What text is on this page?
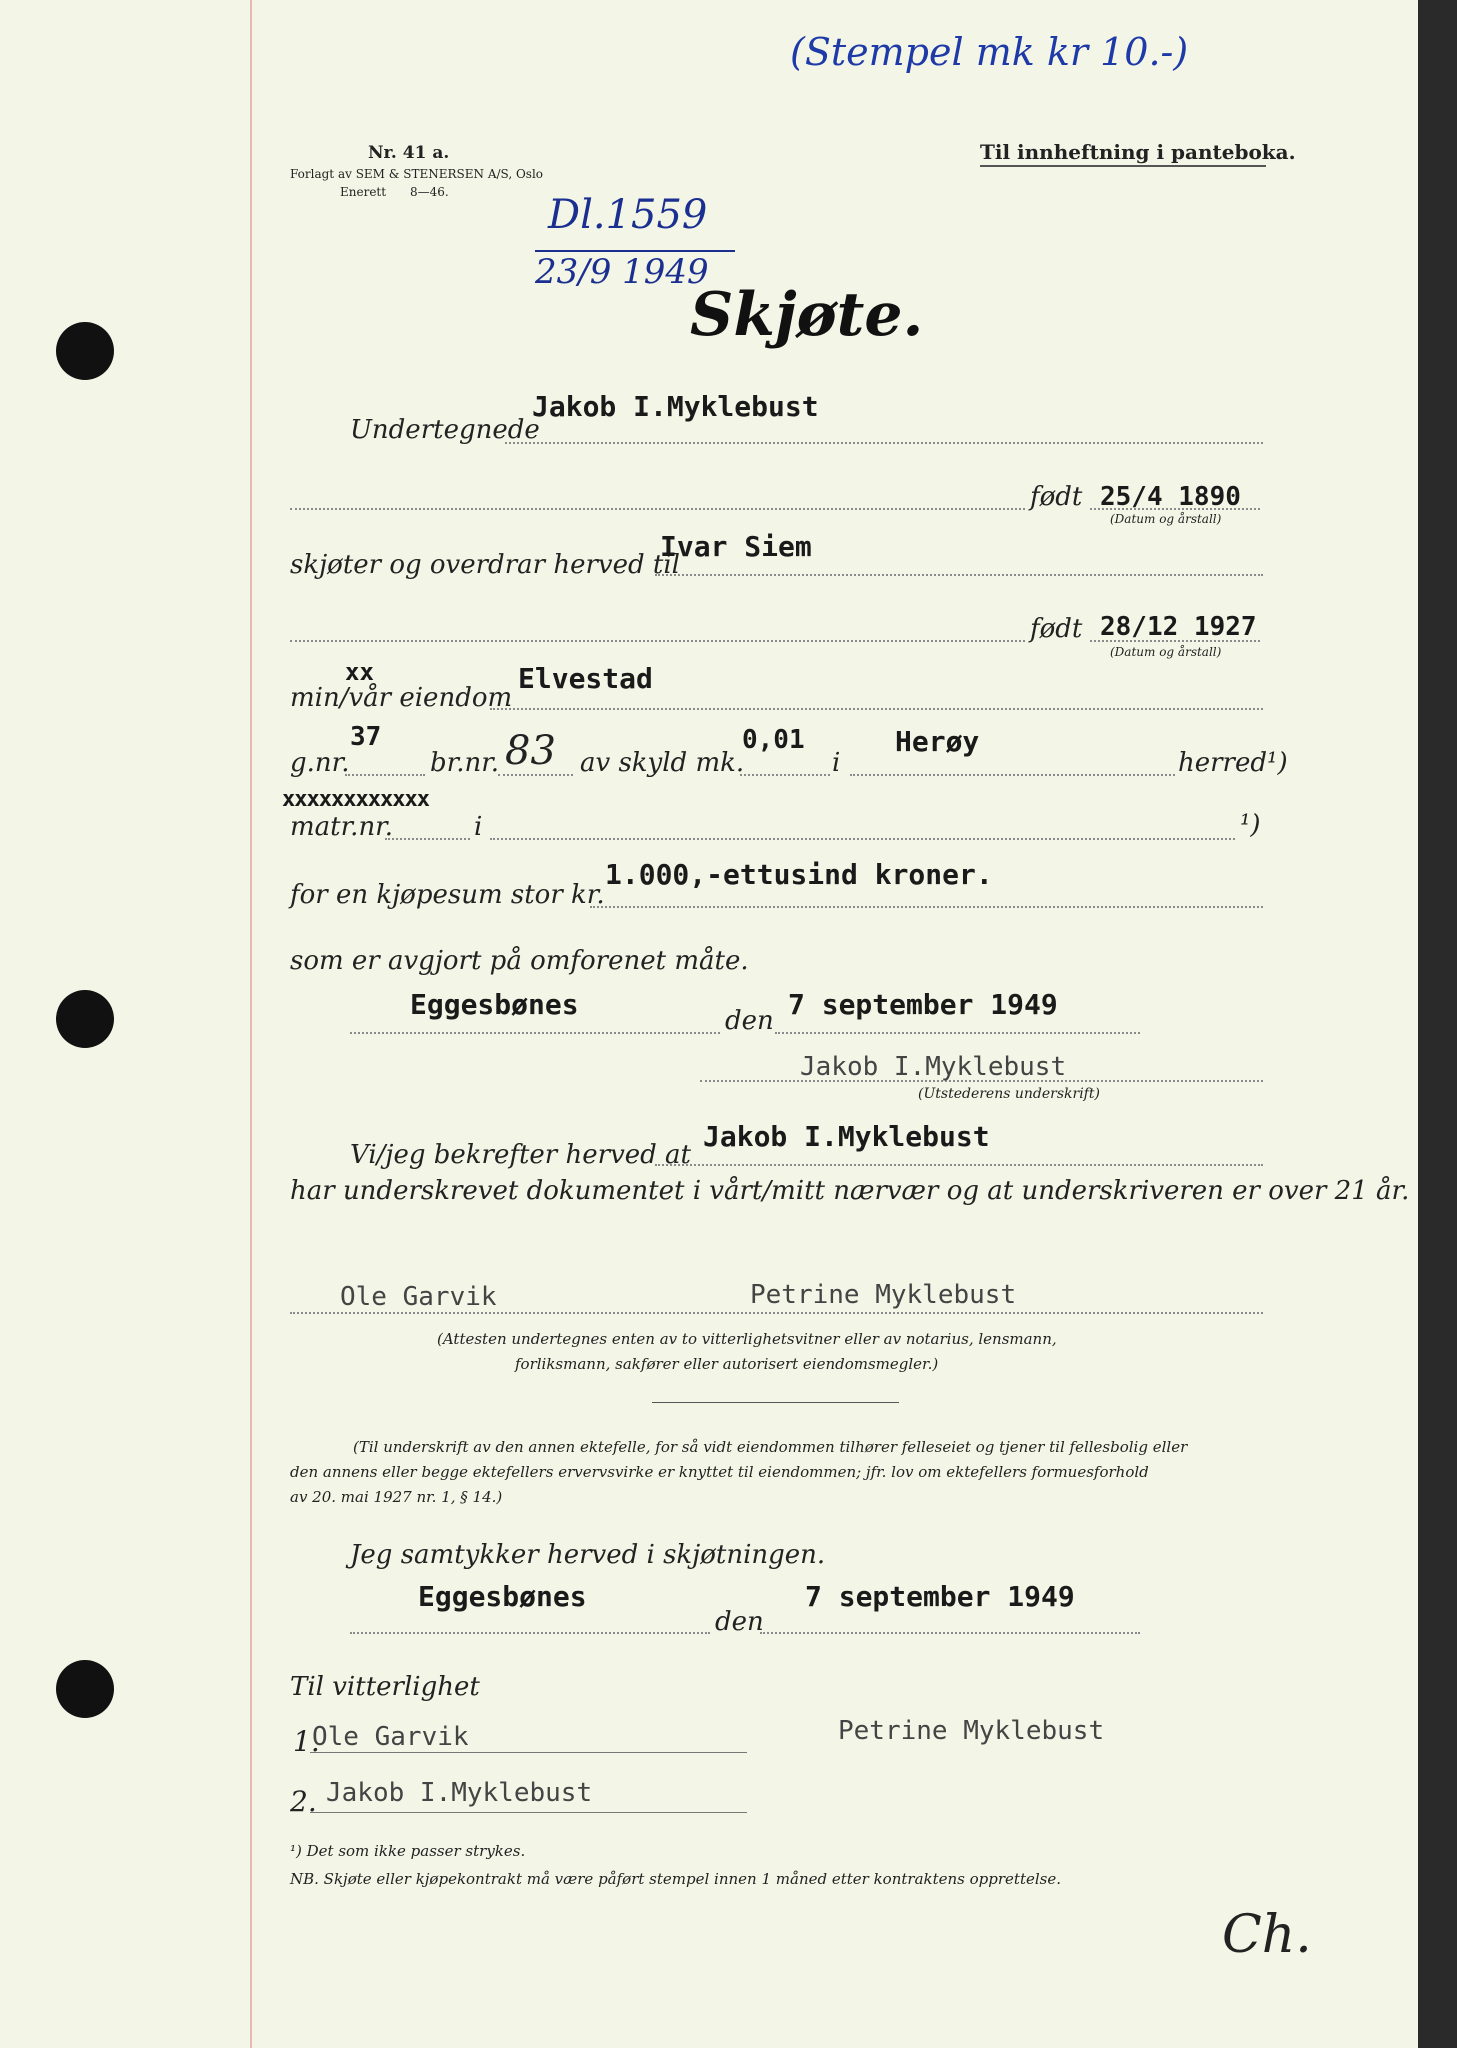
(Stempel mk kr 10.-)
Nr. 41 a.
Forlagt av SEM & STENERSEN A/S, Oslo
Enerett 8—46.
Til innheftning i panteboka.
Dl.1559
23/9 1949
Skjøte.
Undertegnede
Jakob I.Myklebust
født 25/4 1890
(Datum og årstall)
skjøter og overdrar herved til
Ivar Siem
født 28/12 1927
(Datum og årstall)
xx
min/vår eiendom
Elvestad
g.nr.
37
br.nr. 83 av skyld mk.
0,01
i
Herøy
herred¹)
xxxxxxxxxxxx
matr.nr.	i	¹)
for en kjøpesum stor kr.
1.000,-ettusind kroner.
som er avgjort på omforenet måte.
Eggesbønes	den 7 september 1949
Jakob I.Myklebust
(Utstederens underskrift)
Vi/jeg bekrefter herved at
Jakob I.Myklebust
har underskrevet dokumentet i vårt/mitt nærvær og at underskriveren er over 21 år.
Ole Garvik	Petrine Myklebust
(Attesten undertegnes enten av to vitterlighetsvitner eller av notarius, lensmann,
forliksmann, sakfører eller autorisert eiendomsmegler.)
(Til underskrift av den annen ektefelle, for så vidt eiendommen tilhører felleseiet og tjener til fellesbolig eller
den annens eller begge ektefellers ervervsvirke er knyttet til eiendommen; jfr. lov om ektefellers formuesforhold
av 20. mai 1927 nr. 1, § 14.)
Jeg samtykker herved i skjøtningen.
Eggesbønes
den
7 september 1949
Til vitterlighet
1.
Ole Garvik	Petrine Myklebust
2. Jakob I.Myklebust
¹) Det som ikke passer strykes.
NB. Skjøte eller kjøpekontrakt må være påført stempel innen 1 måned etter kontraktens opprettelse.
Ch.
